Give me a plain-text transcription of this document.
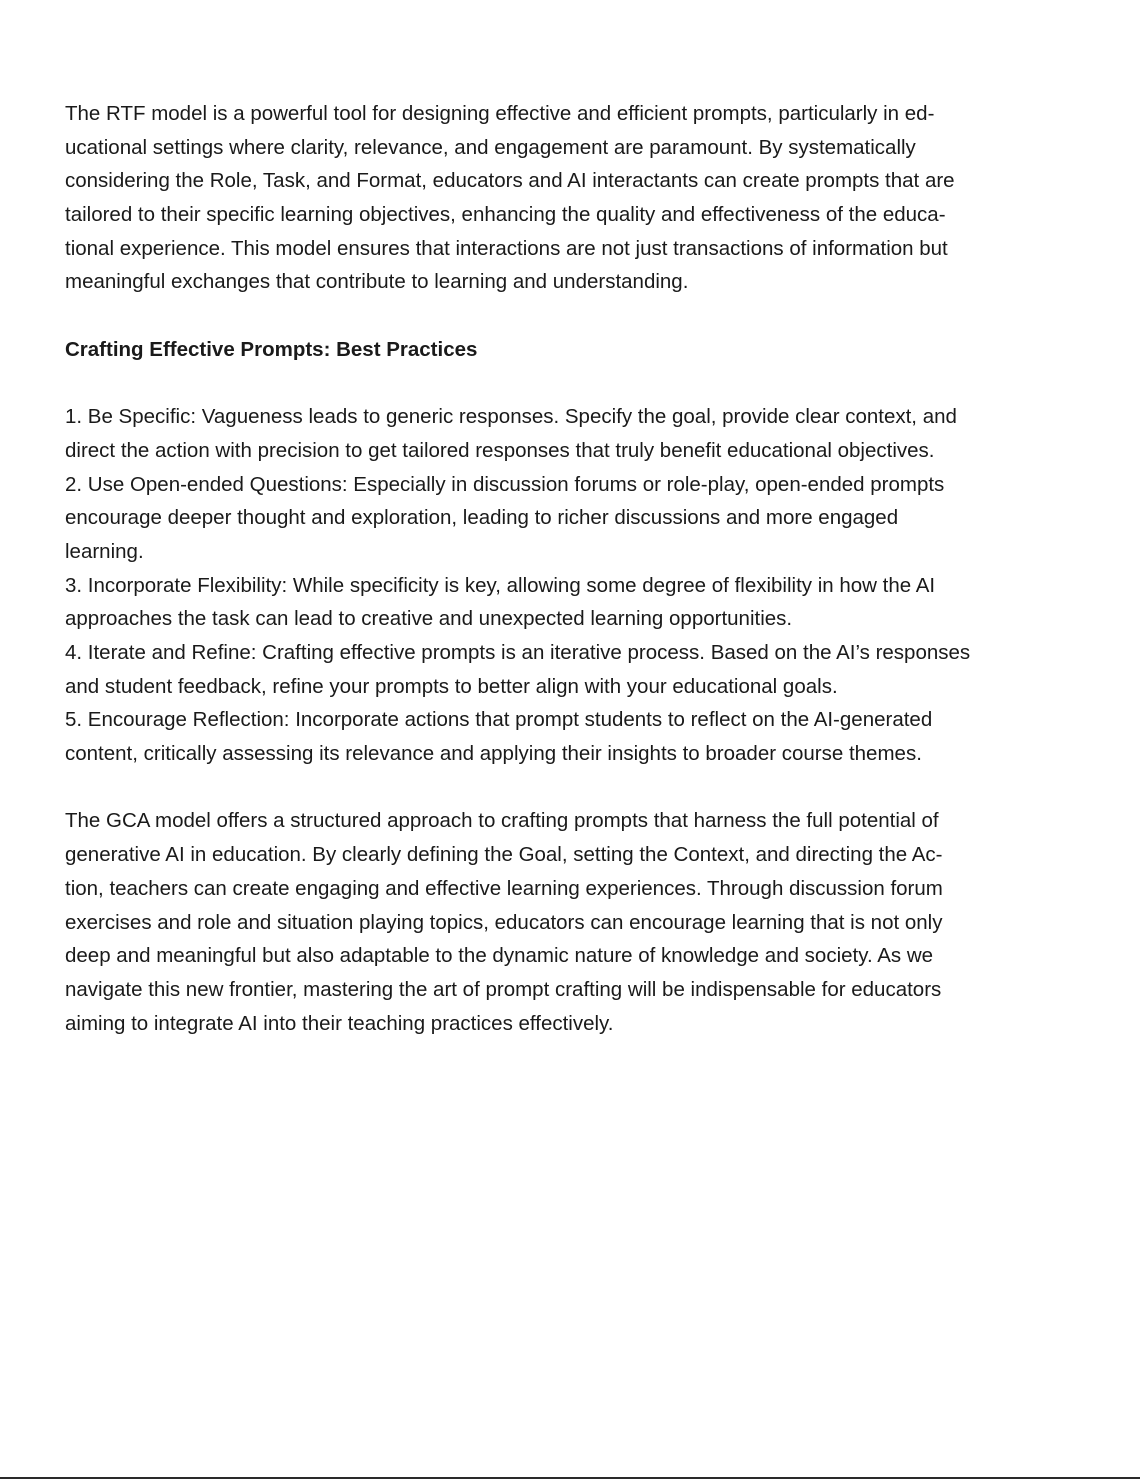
The RTF model is a powerful tool for designing effective and efficient prompts, particularly in ed-
ucational settings where clarity, relevance, and engagement are paramount. By systematically
considering the Role, Task, and Format, educators and AI interactants can create prompts that are
tailored to their specific learning objectives, enhancing the quality and effectiveness of the educa-
tional experience. This model ensures that interactions are not just transactions of information but
meaningful exchanges that contribute to learning and understanding.
Crafting Effective Prompts: Best Practices
1. Be Specific: Vagueness leads to generic responses. Specify the goal, provide clear context, and
direct the action with precision to get tailored responses that truly benefit educational objectives.
2. Use Open-ended Questions: Especially in discussion forums or role-play, open-ended prompts
encourage deeper thought and exploration, leading to richer discussions and more engaged
learning.
3. Incorporate Flexibility: While specificity is key, allowing some degree of flexibility in how the AI
approaches the task can lead to creative and unexpected learning opportunities.
4. Iterate and Refine: Crafting effective prompts is an iterative process. Based on the AI’s responses
and student feedback, refine your prompts to better align with your educational goals.
5. Encourage Reflection: Incorporate actions that prompt students to reflect on the AI-generated
content, critically assessing its relevance and applying their insights to broader course themes.
The GCA model offers a structured approach to crafting prompts that harness the full potential of
generative AI in education. By clearly defining the Goal, setting the Context, and directing the Ac-
tion, teachers can create engaging and effective learning experiences. Through discussion forum
exercises and role and situation playing topics, educators can encourage learning that is not only
deep and meaningful but also adaptable to the dynamic nature of knowledge and society. As we
navigate this new frontier, mastering the art of prompt crafting will be indispensable for educators
aiming to integrate AI into their teaching practices effectively.
